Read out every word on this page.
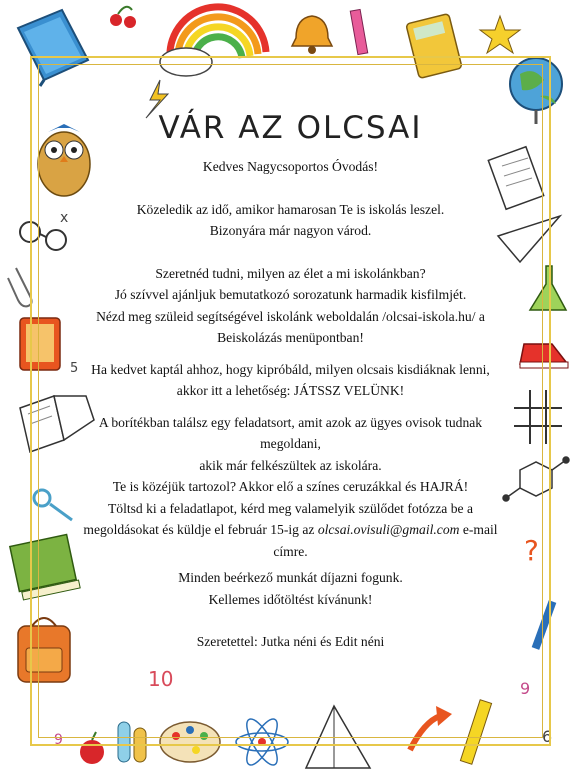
x
5
10
9
9
6
?
VÁR AZ OLCSAI

Kedves Nagycsoportos Óvodás!

Közeledik az idő, amikor hamarosan Te is iskolás leszel.

Bizonyára már nagyon várod.

Szeretnéd tudni, milyen az élet a mi iskolánkban?

Jó szívvel ajánljuk bemutatkozó sorozatunk harmadik kisfilmjét.

Nézd meg szüleid segítségével iskolánk weboldalán /olcsai-iskola.hu/ a

Beiskolázás menüpontban!

Ha kedvet kaptál ahhoz, hogy kipróbáld, milyen olcsais kisdiáknak lenni,

akkor itt a lehetőség: JÁTSSZ VELÜNK!

A borítékban találsz egy feladatsort, amit azok az ügyes ovisok tudnak

megoldani,

akik már felkészültek az iskolára.

Te is közéjük tartozol? Akkor elő a színes ceruzákkal és HAJRÁ!

Töltsd ki a feladatlapot, kérd meg valamelyik szülődet fotózza be a

megoldásokat és küldje el február 15-ig az olcsai.ovisuli@gmail.com e-mail

címre.

Minden beérkező munkát díjazni fogunk.

Kellemes időtöltést kívánunk!

Szeretettel: Jutka néni és Edit néni
